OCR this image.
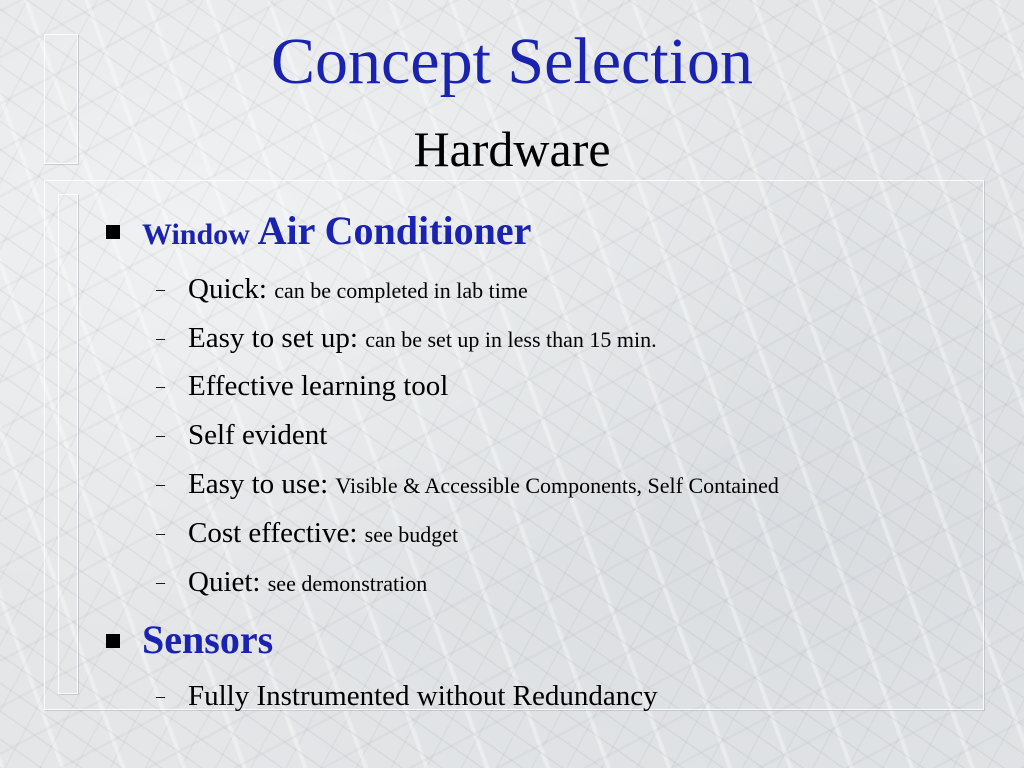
Concept Selection
Hardware
Window Air Conditioner
– Quick: can be completed in lab time
– Easy to set up: can be set up in less than 15 min.
– Effective learning tool
– Self evident
– Easy to use: Visible & Accessible Components, Self Contained
– Cost effective: see budget
– Quiet: see demonstration
Sensors
– Fully Instrumented without Redundancy
